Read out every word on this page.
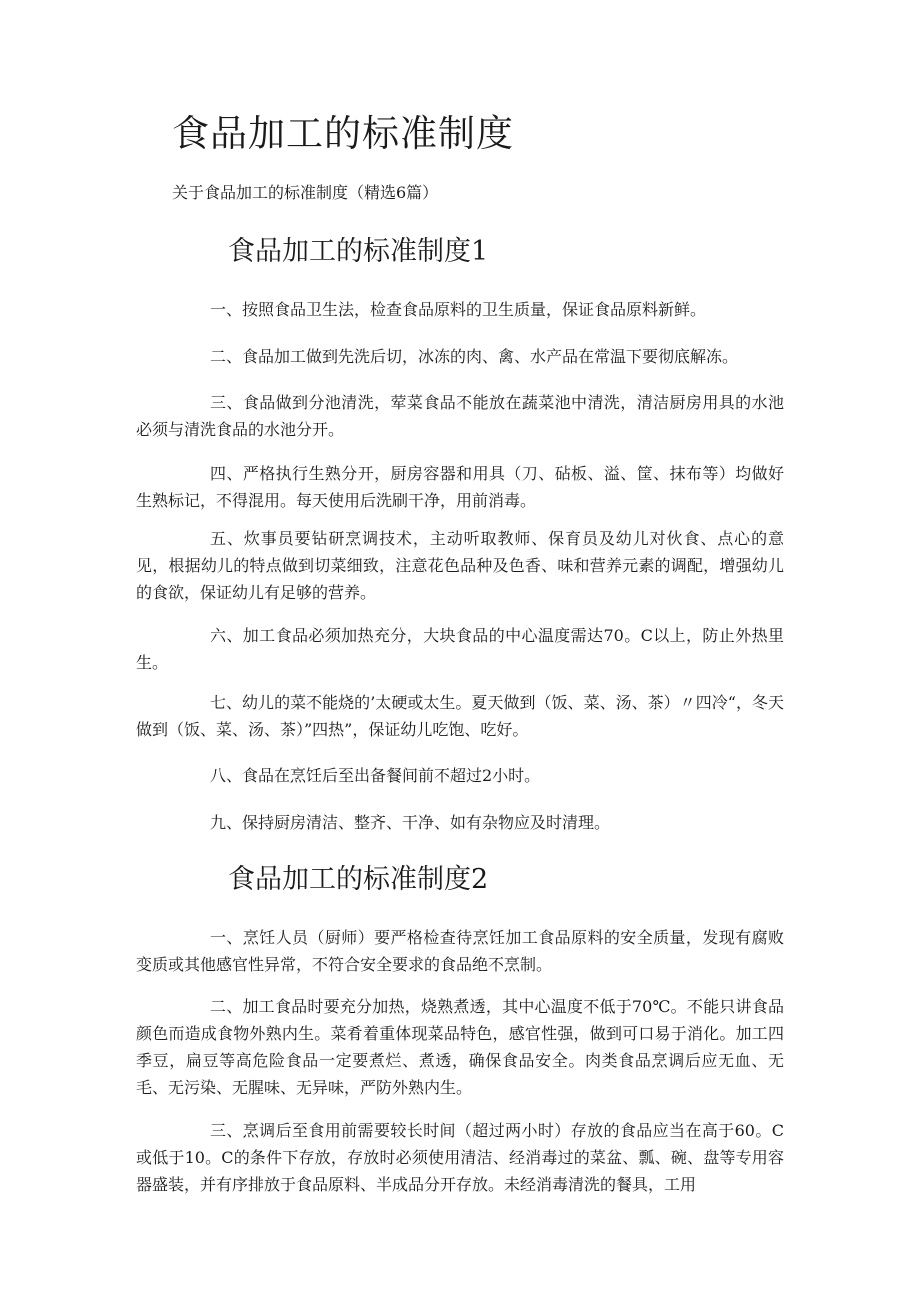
食品加工的标准制度

关于食品加工的标准制度（精选6篇）

食品加工的标准制度1

一、按照食品卫生法，检查食品原料的卫生质量，保证食品原料新鲜。

二、食品加工做到先洗后切，冰冻的肉、禽、水产品在常温下要彻底解冻。

三、食品做到分池清洗，荤菜食品不能放在蔬菜池中清洗，清洁厨房用具的水池必须与清洗食品的水池分开。

四、严格执行生熟分开，厨房容器和用具（刀、砧板、溢、筐、抹布等）均做好生熟标记，不得混用。每天使用后洗刷干净，用前消毒。

五、炊事员要钻研烹调技术，主动听取教师、保育员及幼儿对伙食、点心的意见，根据幼儿的特点做到切菜细致，注意花色品种及色香、味和营养元素的调配，增强幼儿的食欲，保证幼儿有足够的营养。

六、加工食品必须加热充分，大块食品的中心温度需达70。C以上，防止外热里生。

七、幼儿的菜不能烧的’太硬或太生。夏天做到（饭、菜、汤、茶）〃四冷“，冬天做到（饭、菜、汤、茶）”四热”，保证幼儿吃饱、吃好。

八、食品在烹饪后至出备餐间前不超过2小时。

九、保持厨房清洁、整齐、干净、如有杂物应及时清理。

食品加工的标准制度2

一、烹饪人员（厨师）要严格检查待烹饪加工食品原料的安全质量，发现有腐败变质或其他感官性异常，不符合安全要求的食品绝不烹制。

二、加工食品时要充分加热，烧熟煮透，其中心温度不低于70℃。不能只讲食品颜色而造成食物外熟内生。菜肴着重体现菜品特色，感官性强，做到可口易于消化。加工四季豆，扁豆等高危险食品一定要煮烂、煮透，确保食品安全。肉类食品烹调后应无血、无毛、无污染、无腥味、无异味，严防外熟内生。

三、烹调后至食用前需要较长时间（超过两小时）存放的食品应当在高于60。C或低于10。C的条件下存放，存放时必须使用清洁、经消毒过的菜盆、瓢、碗、盘等专用容器盛装，并有序排放于食品原料、半成品分开存放。未经消毒清洗的餐具，工用
